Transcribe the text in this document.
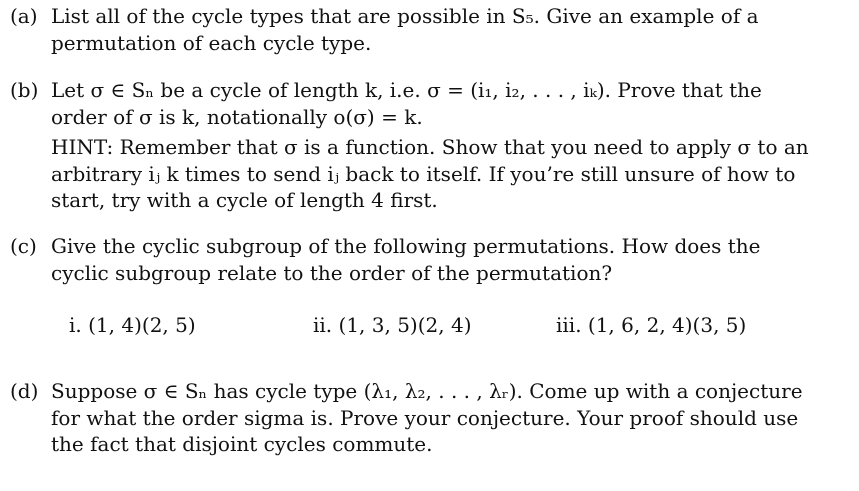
(a) List all of the cycle types that are possible in S₅. Give an example of a permutation of each cycle type.

(b) Let σ ∈ Sₙ be a cycle of length k, i.e. σ = (i₁, i₂, . . . , iₖ). Prove that the order of σ is k, notationally o(σ) = k.

HINT: Remember that σ is a function. Show that you need to apply σ to an arbitrary iⱼ k times to send iⱼ back to itself. If you’re still unsure of how to start, try with a cycle of length 4 first.

(c) Give the cyclic subgroup of the following permutations. How does the cyclic subgroup relate to the order of the permutation?

i. (1, 4)(2, 5)	ii. (1, 3, 5)(2, 4)	iii. (1, 6, 2, 4)(3, 5)
(d) Suppose σ ∈ Sₙ has cycle type (λ₁, λ₂, . . . , λᵣ). Come up with a conjecture for what the order sigma is. Prove your conjecture. Your proof should use the fact that disjoint cycles commute.
